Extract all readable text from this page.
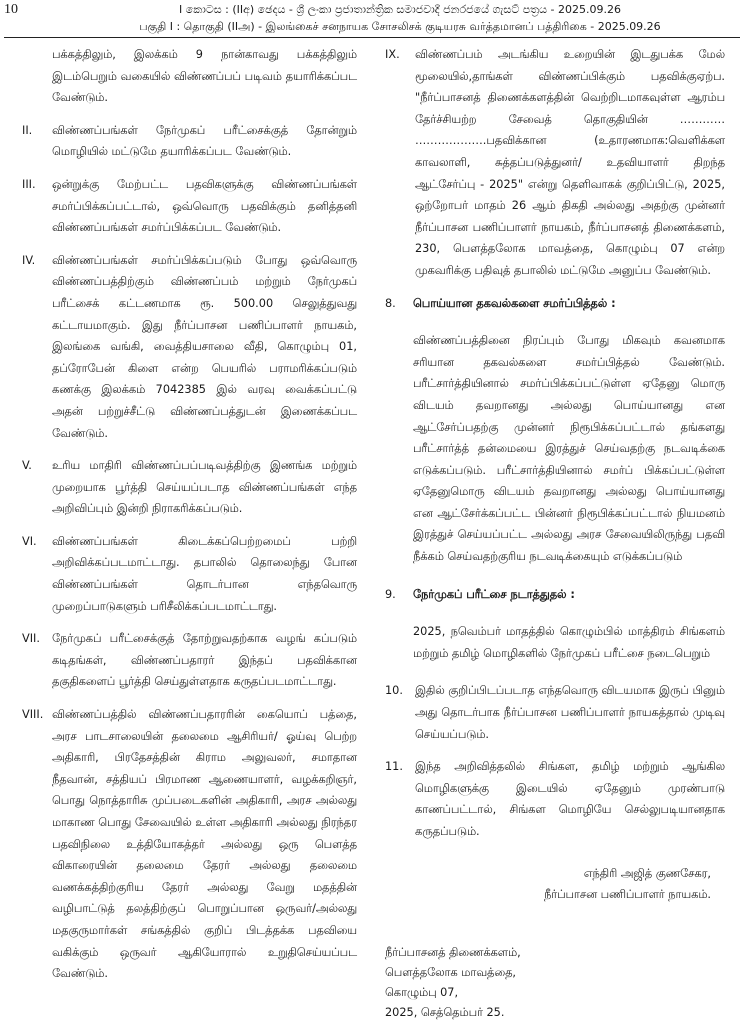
10	I කොටස : (IIඅ) ඡෙදය - ශ්‍රී ලංකා ප්‍රජාතාන්ත්‍රික සමාජවාදී ජනරජයේ ගැසට් පත්‍රය - 2025.09.26
பகுதி I : தொகுதி (IIஅ) - இலங்கைச் சனநாயக சோசலிசக் குடியரசு வர்த்தமானப் பத்திரிகை - 2025.09.26
பக்கத்திலும், இலக்கம் 9 நான்காவது பக்கத்திலும் இடம்பெறும் வகையில் விண்ணப்பப் படிவம் தயாரிக்கப்பட வேண்டும்.
II. விண்ணப்பங்கள் நேர்முகப் பரீட்சைக்குத் தோன்றும் மொழியில் மட்டுமே தயாரிக்கப்பட வேண்டும்.
III. ஒன்றுக்கு மேற்பட்ட பதவிகளுக்கு விண்ணப்பங்கள் சமர்ப்பிக்கப்பட்டால், ஒவ்வொரு பதவிக்கும் தனித்தனி விண்ணப்பங்கள் சமர்ப்பிக்கப்பட வேண்டும்.
IV. விண்ணப்பங்கள் சமர்ப்பிக்கப்படும் போது ஒவ்வொரு விண்ணப்பத்திற்கும் விண்ணப்பம் மற்றும் நேர்முகப் பரீட்சைக் கட்டணமாக ரூ. 500.00 செலுத்துவது கட்டாயமாகும். இது நீர்ப்பாசன பணிப்பாளர் நாயகம், இலங்கை வங்கி, வைத்தியசாலை வீதி, கொழும்பு 01, தப்ரோபேன் கிளை என்ற பெயரில் பராமரிக்கப்படும் கணக்கு இலக்கம் 7042385 இல் வரவு வைக்கப்பட்டு அதன் பற்றுச்சீட்டு விண்ணப்பத்துடன் இணைக்கப்பட வேண்டும்.
V. உரிய மாதிரி விண்ணப்பப்படிவத்திற்கு இணங்க மற்றும் முறையாக பூர்த்தி செய்யப்படாத விண்ணப்பங்கள் எந்த அறிவிப்பும் இன்றி நிராகரிக்கப்படும்.
VI. விண்ணப்பங்கள் கிடைக்கப்பெற்றமைப் பற்றி அறிவிக்கப்படமாட்டாது. தபாலில் தொலைந்து போன விண்ணப்பங்கள் தொடர்பான எந்தவொரு முறைப்பாடுகளும் பரிசீலிக்கப்படமாட்டாது.
VII. நேர்முகப் பரீட்சைக்குத் தோற்றுவதற்காக வழங் கப்படும் கடிதங்கள், விண்ணப்பதாரர் இந்தப் பதவிக்கான தகுதிகளைப் பூர்த்தி செய்துள்ளதாக கருதப்படமாட்டாது.
VIII. விண்ணப்பத்தில் விண்ணப்பதாரரின் கையொப் பத்தை, அரச பாடசாலையின் தலைமை ஆசிரியர்/ ஓய்வு பெற்ற அதிகாரி, பிரதேசத்தின் கிராம அலுவலர், சமாதான நீதவான், சத்தியப் பிரமாண ஆணையாளர், வழக்கறிஞர், பொது நொத்தாரிசு முப்படைகளின் அதிகாரி, அரச அல்லது மாகாண பொது சேவையில் உள்ள அதிகாரி அல்லது நிரந்தர பதவிநிலை உத்தியோகத்தர் அல்லது ஒரு பௌத்த விகாரையின் தலைமை தேரர் அல்லது தலைமை வணக்கத்திற்குரிய தேரர் அல்லது வேறு மதத்தின் வழிபாட்டுத் தலத்திற்குப் பொறுப்பான ஒருவர்/அல்லது மதகுருமார்கள் சங்கத்தில் குறிப் பிடத்தக்க பதவியை வகிக்கும் ஒருவர் ஆகியோரால் உறுதிசெய்யப்பட வேண்டும்.
IX. விண்ணப்பம் அடங்கிய உறையின் இடதுபக்க மேல் மூலையில்,தாங்கள் விண்ணப்பிக்கும் பதவிக்குஏற்ப. "நீர்ப்பாசனத் திணைக்களத்தின் வெற்றிடமாகவுள்ள ஆரம்ப தேர்ச்சியற்ற சேவைத் தொகுதியின் ………… ……………….பதவிக்கான (உதாரணமாக:வெளிக்கள காவலாளி, சுத்தப்படுத்துனர்/ உதவியாளர் திறந்த ஆட்சேர்ப்பு - 2025" என்று தெளிவாகக் குறிப்பிட்டு, 2025, ஒற்றோபர் மாதம் 26 ஆம் திகதி அல்லது அதற்கு முன்னர் நீர்ப்பாசன பணிப்பாளர் நாயகம், நீர்ப்பாசனத் திணைக்களம், 230, பௌத்தலோக மாவத்தை, கொழும்பு 07 என்ற முகவரிக்கு பதிவுத் தபாலில் மட்டுமே அனுப்ப வேண்டும்.
8. பொய்யான தகவல்களை சமர்ப்பித்தல் :
விண்ணப்பத்தினை நிரப்பும் போது மிகவும் கவனமாக சரியான தகவல்களை சமர்ப்பித்தல் வேண்டும். பரீட்சார்த்தியினால் சமர்ப்பிக்கப்பட்டுள்ள ஏதேனு மொரு விடயம் தவறானது அல்லது பொய்யானது என ஆட்சேர்ப்பதற்கு முன்னர் நிரூபிக்கப்பட்டால் தங்களது பரீட்சார்த்த் தன்மையை இரத்துச் செய்வதற்கு நடவடிக்கை எடுக்கப்படும். பரீட்சார்த்தியினால் சமர்ப் பிக்கப்பட்டுள்ள ஏதேனுமொரு விடயம் தவறானது அல்லது பொய்யானது என ஆட்சேர்க்கப்பட்ட பின்னர் நிரூபிக்கப்பட்டால் நியமனம் இரத்துச் செய்யப்பட்ட அல்லது அரச சேவையிலிருந்து பதவி நீக்கம் செய்வதற்குரிய நடவடிக்கையும் எடுக்கப்படும்
9. நேர்முகப் பரீட்சை நடாத்துதல் :
2025, நவெம்பர் மாதத்தில் கொழும்பில் மாத்திரம் சிங்களம் மற்றும் தமிழ் மொழிகளில் நேர்முகப் பரீட்சை நடைபெறும்
10. இதில் குறிப்பிடப்படாத எந்தவொரு விடயமாக இருப் பினும் அது தொடர்பாக நீர்ப்பாசன பணிப்பாளர் நாயகத்தால் முடிவு செய்யப்படும்.
11. இந்த அறிவித்தலில் சிங்கள, தமிழ் மற்றும் ஆங்கில மொழிகளுக்கு இடையில் ஏதேனும் முரண்பாடு காணப்பட்டால், சிங்கள மொழியே செல்லுபடியானதாக கருதப்படும்.
எந்திரி அஜித் குணசேகர,
நீர்ப்பாசன பணிப்பாளர் நாயகம்.
நீர்ப்பாசனத் திணைக்களம்,
பௌத்தலோக மாவத்தை,
கொழும்பு 07,
2025, செத்தெம்பர் 25.
